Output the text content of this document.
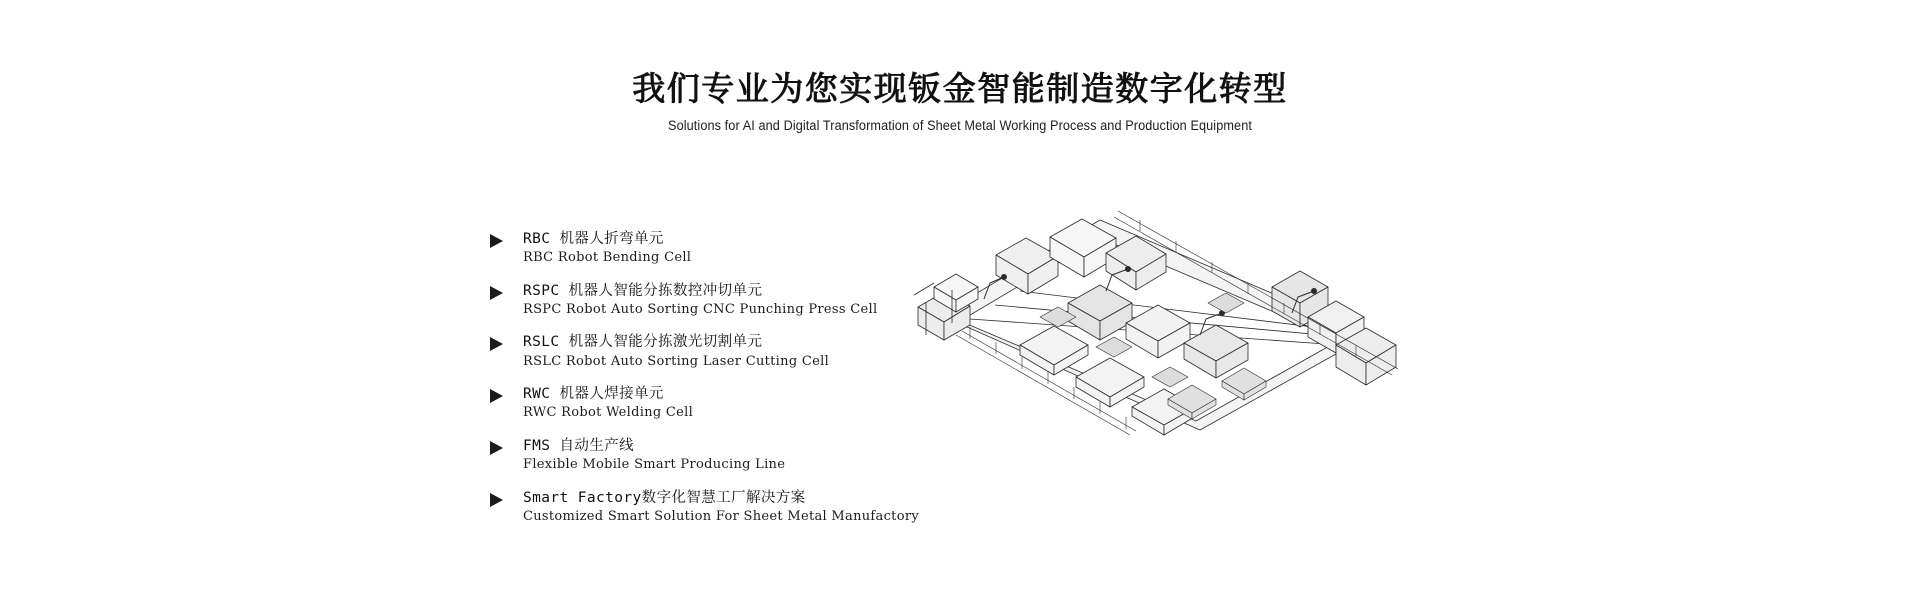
我们专业为您实现钣金智能制造数字化转型
Solutions for AI and Digital Transformation of Sheet Metal Working Process and Production Equipment
RBC 机器人折弯单元
RBC Robot Bending Cell
RSPC 机器人智能分拣数控冲切单元
RSPC Robot Auto Sorting CNC Punching Press Cell
RSLC 机器人智能分拣激光切割单元
RSLC Robot Auto Sorting Laser Cutting Cell
RWC 机器人焊接单元
RWC Robot Welding Cell
FMS 自动生产线
Flexible Mobile Smart Producing Line
Smart Factory数字化智慧工厂解决方案
Customized Smart Solution For Sheet Metal Manufactory
